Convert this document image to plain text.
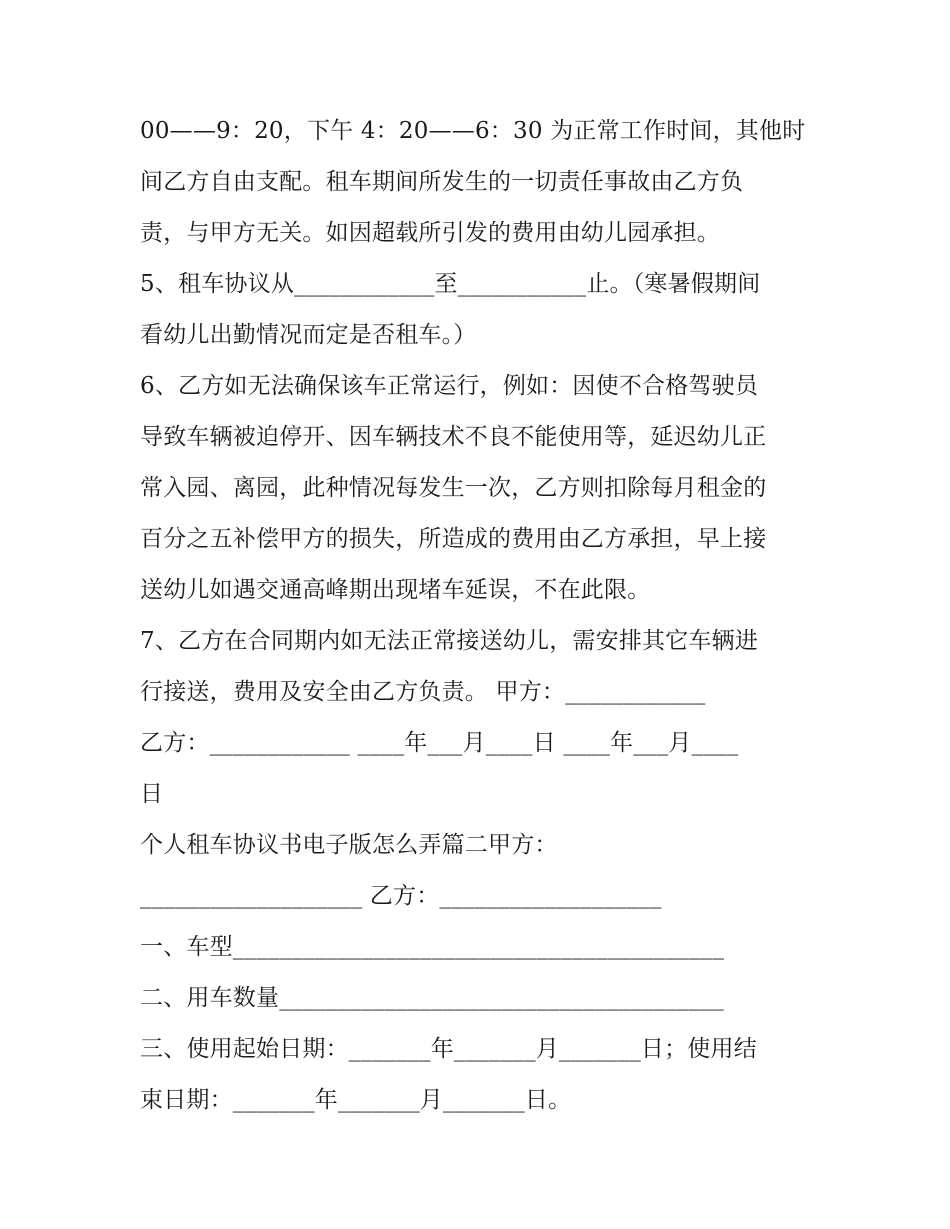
00——9：20，下午 4：20——6：30 为正常工作时间，其他时
间乙方自由支配。租车期间所发生的一切责任事故由乙方负
责，与甲方无关。如因超载所引发的费用由幼儿园承担。
5、租车协议从____________至___________止。（寒暑假期间
看幼儿出勤情况而定是否租车。）
6、乙方如无法确保该车正常运行，例如：因使不合格驾驶员
导致车辆被迫停开、因车辆技术不良不能使用等，延迟幼儿正
常入园、离园，此种情况每发生一次，乙方则扣除每月租金的
百分之五补偿甲方的损失，所造成的费用由乙方承担，早上接
送幼儿如遇交通高峰期出现堵车延误，不在此限。
7、乙方在合同期内如无法正常接送幼儿，需安排其它车辆进
行接送，费用及安全由乙方负责。 甲方：____________
乙方：____________ ____年___月____日 ____年___月____
日
个人租车协议书电子版怎么弄篇二甲方：
___________________ 乙方：___________________
一、车型__________________________________________
二、用车数量______________________________________
三、使用起始日期：_______年_______月_______日；使用结
束日期：_______年_______月_______日。
